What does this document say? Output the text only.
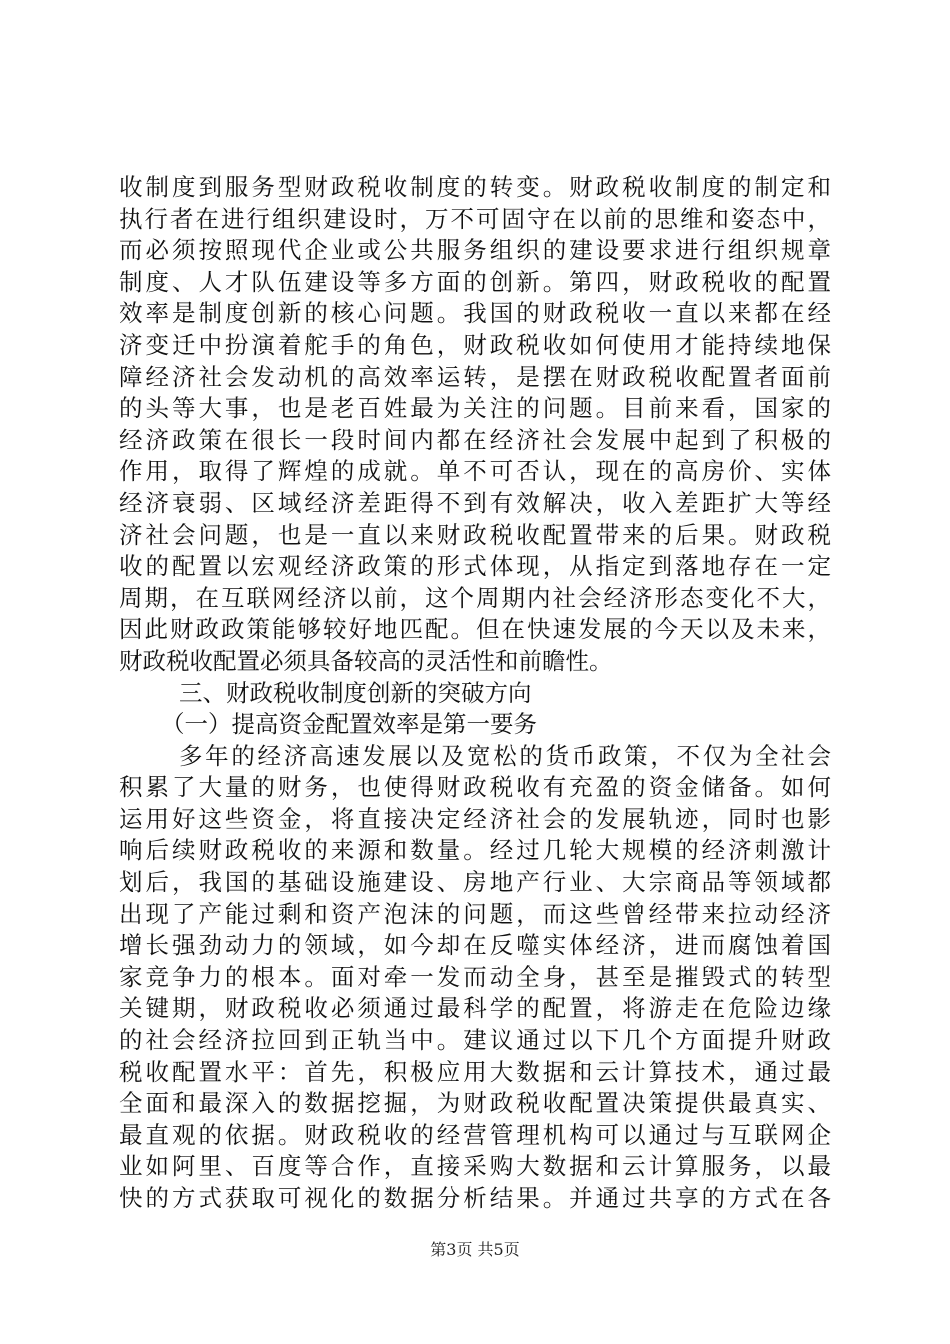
收制度到服务型财政税收制度的转变。财政税收制度的制定和
执行者在进行组织建设时，万不可固守在以前的思维和姿态中，
而必须按照现代企业或公共服务组织的建设要求进行组织规章
制度、人才队伍建设等多方面的创新。第四，财政税收的配置
效率是制度创新的核心问题。我国的财政税收一直以来都在经
济变迁中扮演着舵手的角色，财政税收如何使用才能持续地保
障经济社会发动机的高效率运转，是摆在财政税收配置者面前
的头等大事，也是老百姓最为关注的问题。目前来看，国家的
经济政策在很长一段时间内都在经济社会发展中起到了积极的
作用，取得了辉煌的成就。单不可否认，现在的高房价、实体
经济衰弱、区域经济差距得不到有效解决，收入差距扩大等经
济社会问题，也是一直以来财政税收配置带来的后果。财政税
收的配置以宏观经济政策的形式体现，从指定到落地存在一定
周期，在互联网经济以前，这个周期内社会经济形态变化不大，
因此财政政策能够较好地匹配。但在快速发展的今天以及未来，
财政税收配置必须具备较高的灵活性和前瞻性。
三、财政税收制度创新的突破方向
（一）提高资金配置效率是第一要务
多年的经济高速发展以及宽松的货币政策，不仅为全社会
积累了大量的财务，也使得财政税收有充盈的资金储备。如何
运用好这些资金，将直接决定经济社会的发展轨迹，同时也影
响后续财政税收的来源和数量。经过几轮大规模的经济刺激计
划后，我国的基础设施建设、房地产行业、大宗商品等领域都
出现了产能过剩和资产泡沫的问题，而这些曾经带来拉动经济
增长强劲动力的领域，如今却在反噬实体经济，进而腐蚀着国
家竞争力的根本。面对牵一发而动全身，甚至是摧毁式的转型
关键期，财政税收必须通过最科学的配置，将游走在危险边缘
的社会经济拉回到正轨当中。建议通过以下几个方面提升财政
税收配置水平：首先，积极应用大数据和云计算技术，通过最
全面和最深入的数据挖掘，为财政税收配置决策提供最真实、
最直观的依据。财政税收的经营管理机构可以通过与互联网企
业如阿里、百度等合作，直接采购大数据和云计算服务，以最
快的方式获取可视化的数据分析结果。并通过共享的方式在各
第3页 共5页
